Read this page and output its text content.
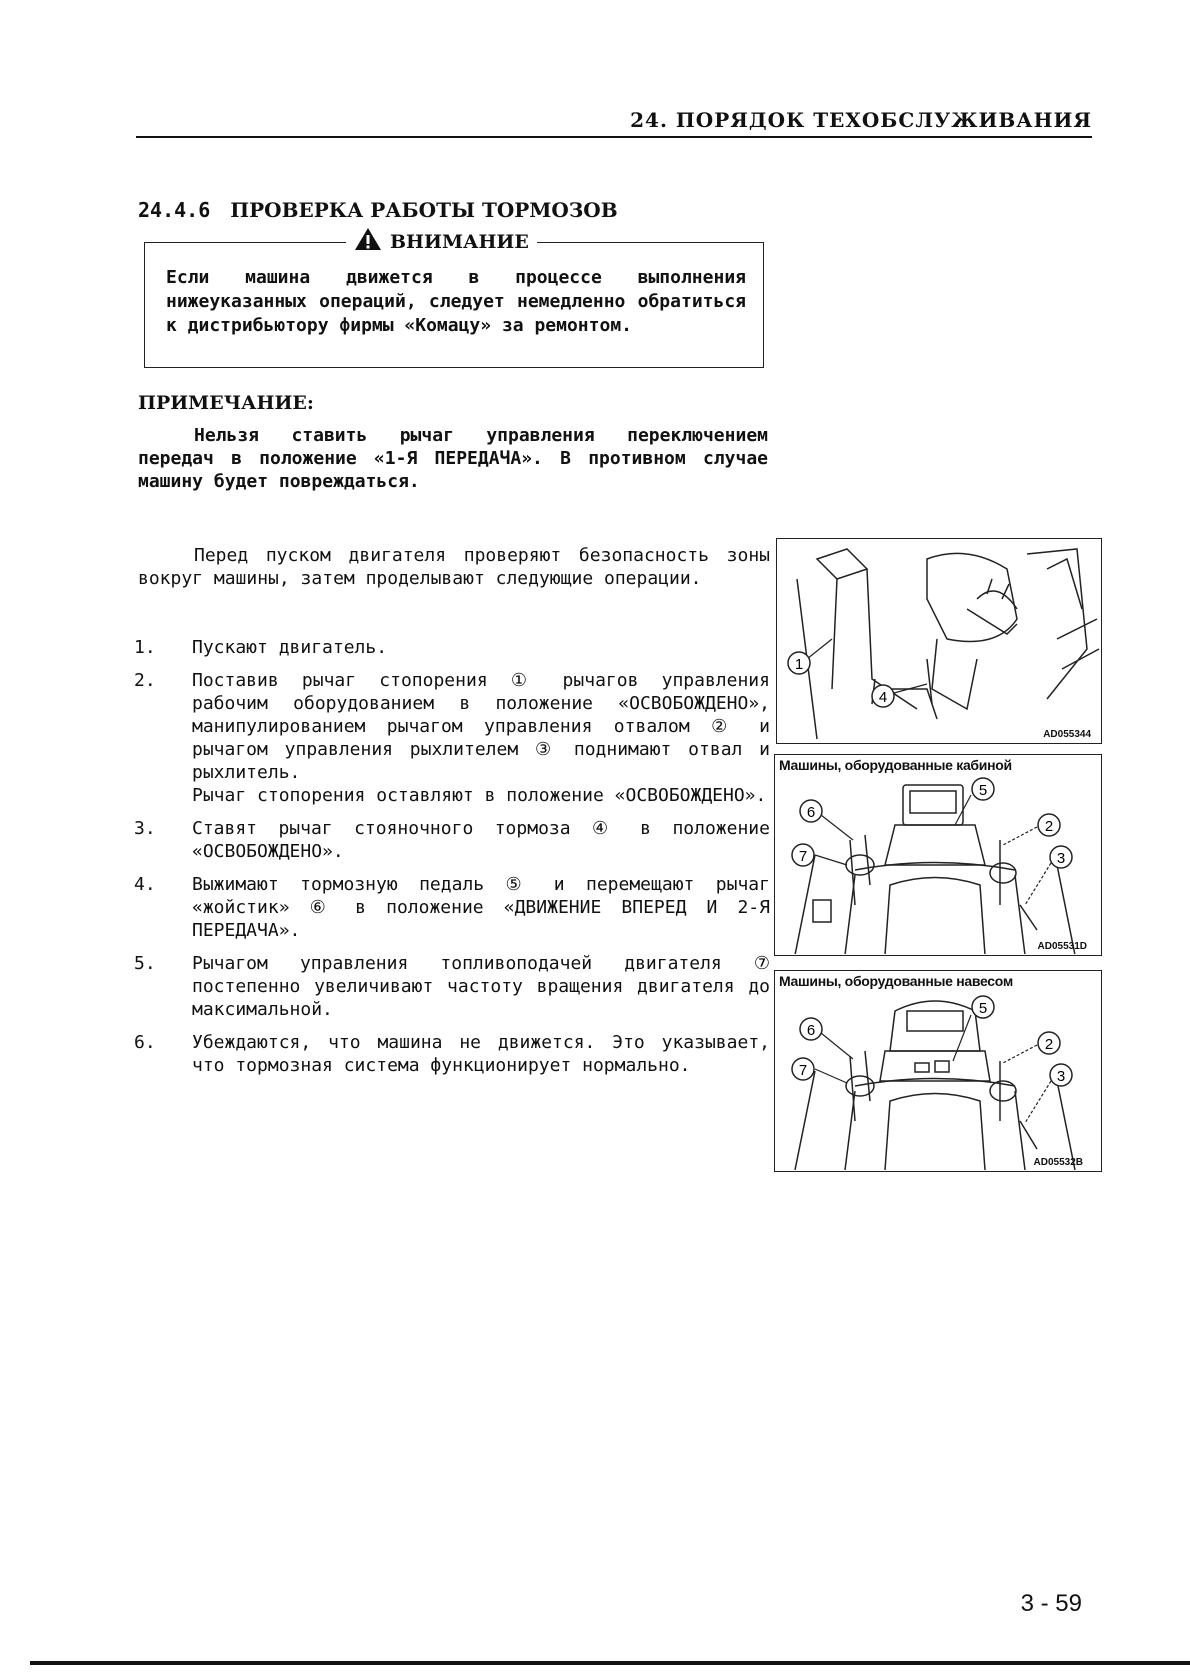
24. ПОРЯДОК ТЕХОБСЛУЖИВАНИЯ
24.4.6 ПРОВЕРКА РАБОТЫ ТОРМОЗОВ
ВНИМАНИЕ
Если машина движется в процессе выполнения нижеуказанных операций, следует немедленно обратиться к дистрибьютору фирмы «Комацу» за ремонтом.
ПРИМЕЧАНИЕ:
Нельзя ставить рычаг управления переключением передач в положение «1-Я ПЕРЕДАЧА». В противном случае машину будет повреждаться.
Перед пуском двигателя проверяют безопасность зоны вокруг машины, затем проделывают следующие операции.
1.	Пускают двигатель.
2.	Поставив рычаг стопорения ① рычагов управления рабочим оборудованием в положение «ОСВОБОЖДЕНО», манипулированием рычагом управления отвалом ② и рычагом управления рыхлителем ③ поднимают отвал и рыхлитель.
Рычаг стопорения оставляют в положение «ОСВОБОЖДЕНО».
3.	Ставят рычаг стояночного тормоза ④ в положение «ОСВОБОЖДЕНО».
4.	Выжимают тормозную педаль ⑤ и перемещают рычаг «жойстик» ⑥ в положение «ДВИЖЕНИЕ ВПЕРЕД И 2-Я ПЕРЕДАЧА».
5.	Рычагом управления топливоподачей двигателя ⑦ постепенно увеличивают частоту вращения двигателя до максимальной.
6.	Убеждаются, что машина не движется. Это указывает, что тормозная система функционирует нормально.
1
4
AD055344
Машины, оборудованные кабиной
5
6
2
7	3
AD05531D
Машины, оборудованные навесом
5
6
2
7	3
AD05532B
3 - 59
